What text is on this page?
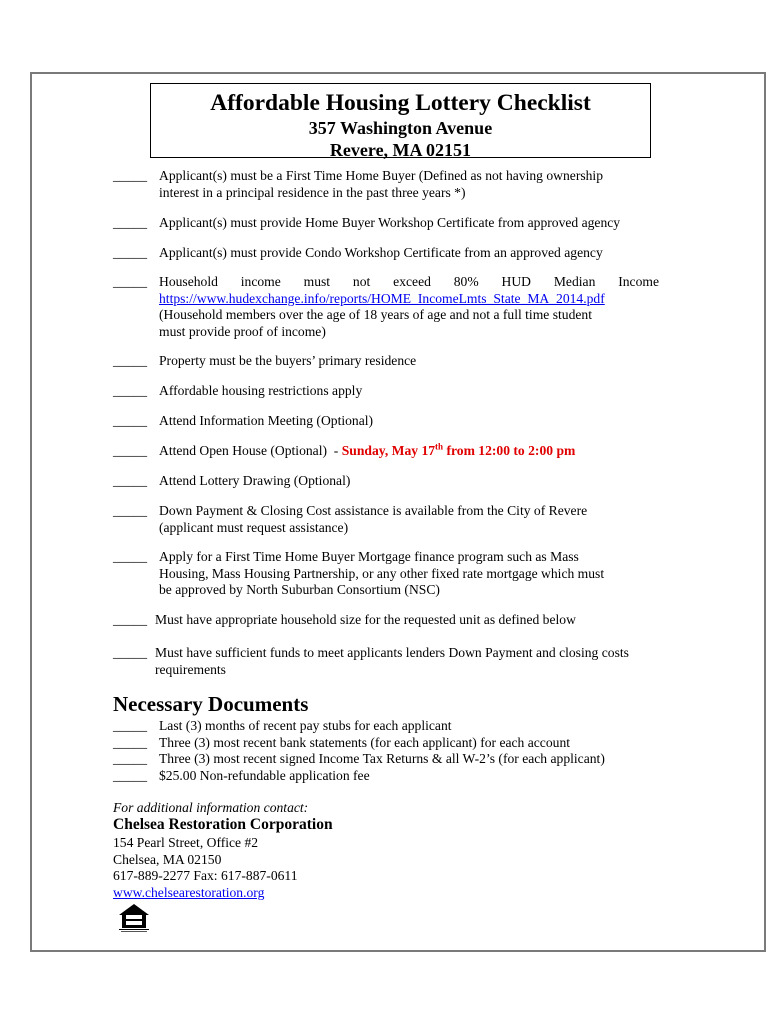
Affordable Housing Lottery Checklist
357 Washington Avenue
Revere, MA 02151
_____ Applicant(s) must be a First Time Home Buyer (Defined as not having ownership
interest in a principal residence in the past three years *)
_____ Applicant(s) must provide Home Buyer Workshop Certificate from approved agency
_____ Applicant(s) must provide Condo Workshop Certificate from an approved agency
_____ Household income must not exceed 80% HUD Median Income
https://www.hudexchange.info/reports/HOME_IncomeLmts_State_MA_2014.pdf
(Household members over the age of 18 years of age and not a full time student
must provide proof of income)
_____ Property must be the buyers’ primary residence
_____ Affordable housing restrictions apply
_____ Attend Information Meeting (Optional)
_____ Attend Open House (Optional)  - Sunday, May 17th from 12:00 to 2:00 pm
_____ Attend Lottery Drawing (Optional)
_____ Down Payment & Closing Cost assistance is available from the City of Revere
(applicant must request assistance)
_____ Apply for a First Time Home Buyer Mortgage finance program such as Mass
Housing, Mass Housing Partnership, or any other fixed rate mortgage which must
be approved by North Suburban Consortium (NSC)
_____ Must have appropriate household size for the requested unit as defined below
_____ Must have sufficient funds to meet applicants lenders Down Payment and closing costs
requirements
Necessary Documents
_____ Last (3) months of recent pay stubs for each applicant
_____ Three (3) most recent bank statements (for each applicant) for each account
_____ Three (3) most recent signed Income Tax Returns & all W-2’s (for each applicant)
_____ $25.00 Non-refundable application fee
For additional information contact:
Chelsea Restoration Corporation
154 Pearl Street, Office #2
Chelsea, MA 02150
617-889-2277 Fax: 617-887-0611
www.chelsearestoration.org
